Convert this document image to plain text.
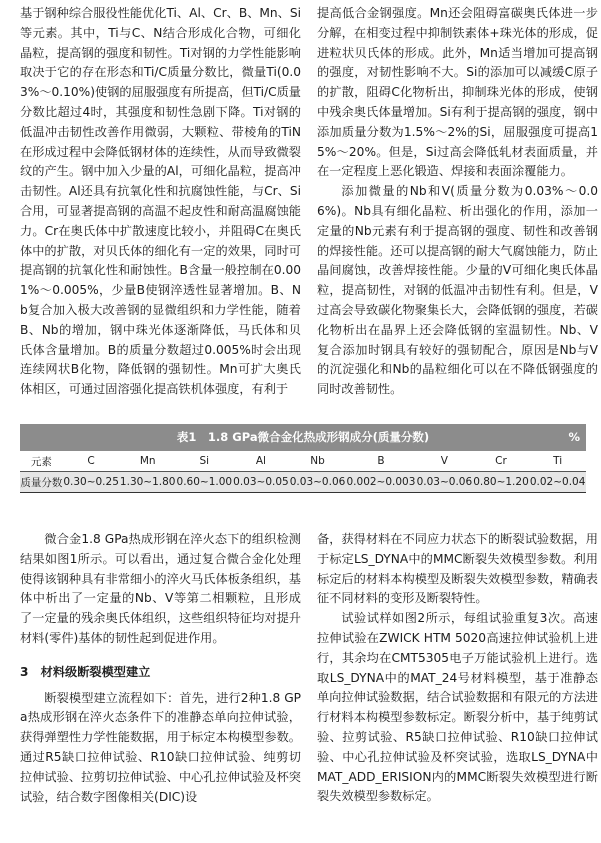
基于钢种综合服役性能优化Ti、Al、Cr、B、Mn、Si等元素。其中，Ti与C、N结合形成化合物，可细化晶粒，提高钢的强度和韧性。Ti对钢的力学性能影响取决于它的存在形态和Ti/C质量分数比，微量Ti(0.03%～0.10%)使钢的屈服强度有所提高，但Ti/C质量分数比超过4时，其强度和韧性急剧下降。Ti对钢的低温冲击韧性改善作用微弱，大颗粒、带棱角的TiN在形成过程中会降低钢材体的连续性，从而导致微裂纹的产生。钢中加入少量的Al，可细化晶粒，提高冲击韧性。Al还具有抗氧化性和抗腐蚀性能，与Cr、Si合用，可显著提高钢的高温不起皮性和耐高温腐蚀能力。Cr在奥氏体中扩散速度比较小，并阻碍C在奥氏体中的扩散，对贝氏体的细化有一定的效果，同时可提高钢的抗氧化性和耐蚀性。B含量一般控制在0.001%～0.005%，少量B使钢淬透性显著增加。B、Nb复合加入极大改善钢的显微组织和力学性能，随着B、Nb的增加，钢中珠光体逐渐降低，马氏体和贝氏体含量增加。B的质量分数超过0.005%时会出现连续网状B化物，降低钢的强韧性。Mn可扩大奥氏体相区，可通过固溶强化提高铁机体强度，有利于

提高低合金钢强度。Mn还会阻碍富碳奥氏体进一步分解，在相变过程中抑制铁素体+珠光体的形成，促进粒状贝氏体的形成。此外，Mn适当增加可提高钢的强度，对韧性影响不大。Si的添加可以减缓C原子的扩散，阻碍C化物析出，抑制珠光体的形成，使钢中残余奥氏体量增加。Si有利于提高钢的强度，钢中添加质量分数为1.5%～2%的Si，屈服强度可提高15%～20%。但是，Si过高会降低轧材表面质量，并在一定程度上恶化锻造、焊接和表面涂覆能力。

添加微量的Nb和V(质量分数为0.03%～0.06%)。Nb具有细化晶粒、析出强化的作用，添加一定量的Nb元素有利于提高钢的强度、韧性和改善钢的焊接性能。还可以提高钢的耐大气腐蚀能力，防止晶间腐蚀，改善焊接性能。少量的V可细化奥氏体晶粒，提高韧性，对钢的低温冲击韧性有利。但是，V过高会导致碳化物聚集长大，会降低钢的强度，若碳化物析出在晶界上还会降低钢的室温韧性。Nb、V复合添加时钢具有较好的强韧配合，原因是Nb与V的沉淀强化和Nb的晶粒细化可以在不降低钢强度的同时改善韧性。

表1　1.8 GPa微合金化热成形钢成分(质量分数)	%
元素	C	Mn	Si	Al	Nb	B	V	Cr	Ti
质量分数	0.30~0.25	1.30~1.80	0.60~1.00	0.03~0.05	0.03~0.06	0.002~0.003	0.03~0.06	0.80~1.20	0.02~0.04

微合金1.8 GPa热成形钢在淬火态下的组织检测结果如图1所示。可以看出，通过复合微合金化处理使得该钢种具有非常细小的淬火马氏体板条组织，基体中析出了一定量的Nb、V等第二相颗粒，且形成了一定量的残余奥氏体组织，这些组织特征均对提升材料(零件)基体的韧性起到促进作用。

3　材料级断裂模型建立

断裂模型建立流程如下：首先，进行2种1.8 GPa热成形钢在淬火态条件下的准静态单向拉伸试验，获得弹塑性力学性能数据，用于标定本构模型参数。通过R5缺口拉伸试验、R10缺口拉伸试验、纯剪切拉伸试验、拉剪切拉伸试验、中心孔拉伸试验及杯突试验，结合数字图像相关(DIC)设

备，获得材料在不同应力状态下的断裂试验数据，用于标定LS_DYNA中的MMC断裂失效模型参数。利用标定后的材料本构模型及断裂失效模型参数，精确表征不同材料的变形及断裂特性。

试验试样如图2所示，每组试验重复3次。高速拉伸试验在ZWICK HTM 5020高速拉伸试验机上进行，其余均在CMT5305电子万能试验机上进行。选取LS_DYNA中的MAT_24号材料模型，基于准静态单向拉伸试验数据，结合试验数据和有限元的方法进行材料本构模型参数标定。断裂分析中，基于纯剪试验、拉剪试验、R5缺口拉伸试验、R10缺口拉伸试验、中心孔拉伸试验及杯突试验，选取LS_DYNA中MAT_ADD_ERISION内的MMC断裂失效模型进行断裂失效模型参数标定。
